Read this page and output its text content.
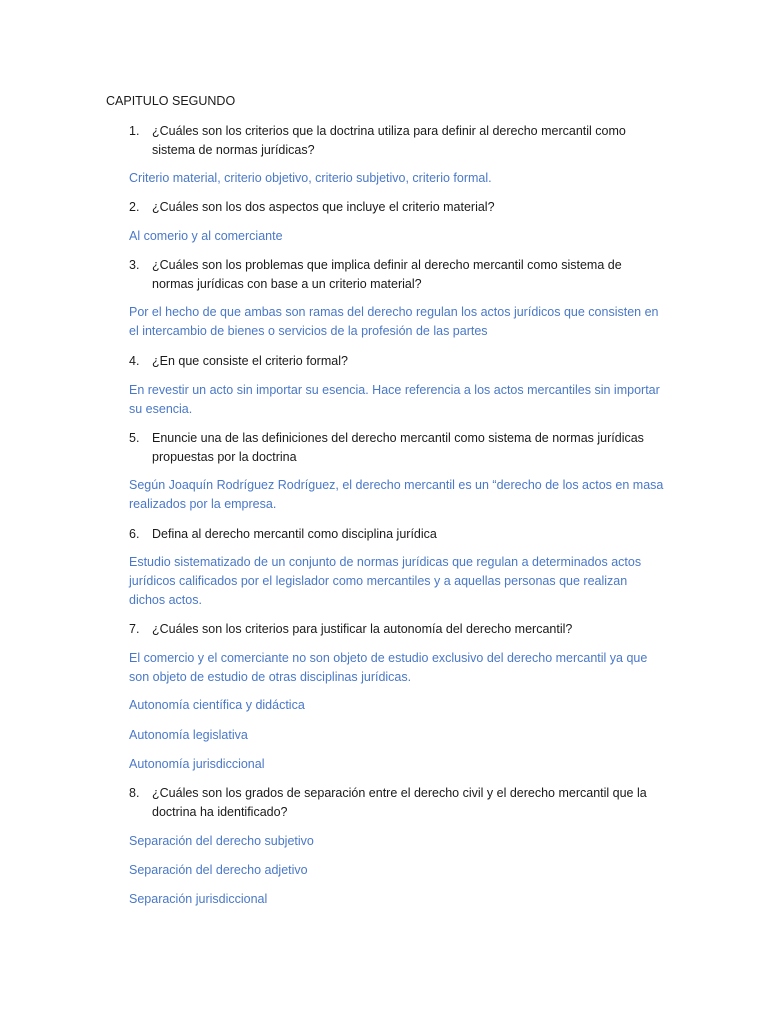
CAPITULO SEGUNDO
1.	¿Cuáles son los criterios que la doctrina utiliza para definir al derecho mercantil como sistema de normas jurídicas?
Criterio material, criterio objetivo, criterio subjetivo, criterio formal.
2.	¿Cuáles son los dos aspectos que incluye el criterio material?
Al comerio y al comerciante
3.	¿Cuáles son los problemas que implica definir al derecho mercantil como sistema de normas jurídicas con base a un criterio material?
Por el hecho de que ambas son ramas del derecho regulan los actos jurídicos que consisten en el intercambio de bienes o servicios de la profesión de las partes
4.	¿En que consiste el criterio formal?
En revestir un acto sin importar su esencia. Hace referencia a los actos mercantiles sin importar su esencia.
5.	Enuncie una de las definiciones del derecho mercantil como sistema de normas jurídicas propuestas por la doctrina
Según Joaquín Rodríguez Rodríguez, el derecho mercantil es un “derecho de los actos en masa realizados por la empresa.
6.	Defina al derecho mercantil como disciplina jurídica
Estudio sistematizado de un conjunto de normas jurídicas que regulan a determinados actos jurídicos calificados por el legislador como mercantiles y a aquellas personas que realizan dichos actos.
7.	¿Cuáles son los criterios para justificar la autonomía del derecho mercantil?
El comercio y el comerciante no son objeto de estudio exclusivo del derecho mercantil ya que son objeto de estudio de otras disciplinas jurídicas.
Autonomía científica y didáctica
Autonomía legislativa
Autonomía jurisdiccional
8.	¿Cuáles son los grados de separación entre el derecho civil y el derecho mercantil que la doctrina ha identificado?
Separación del derecho subjetivo
Separación del derecho adjetivo
Separación jurisdiccional
